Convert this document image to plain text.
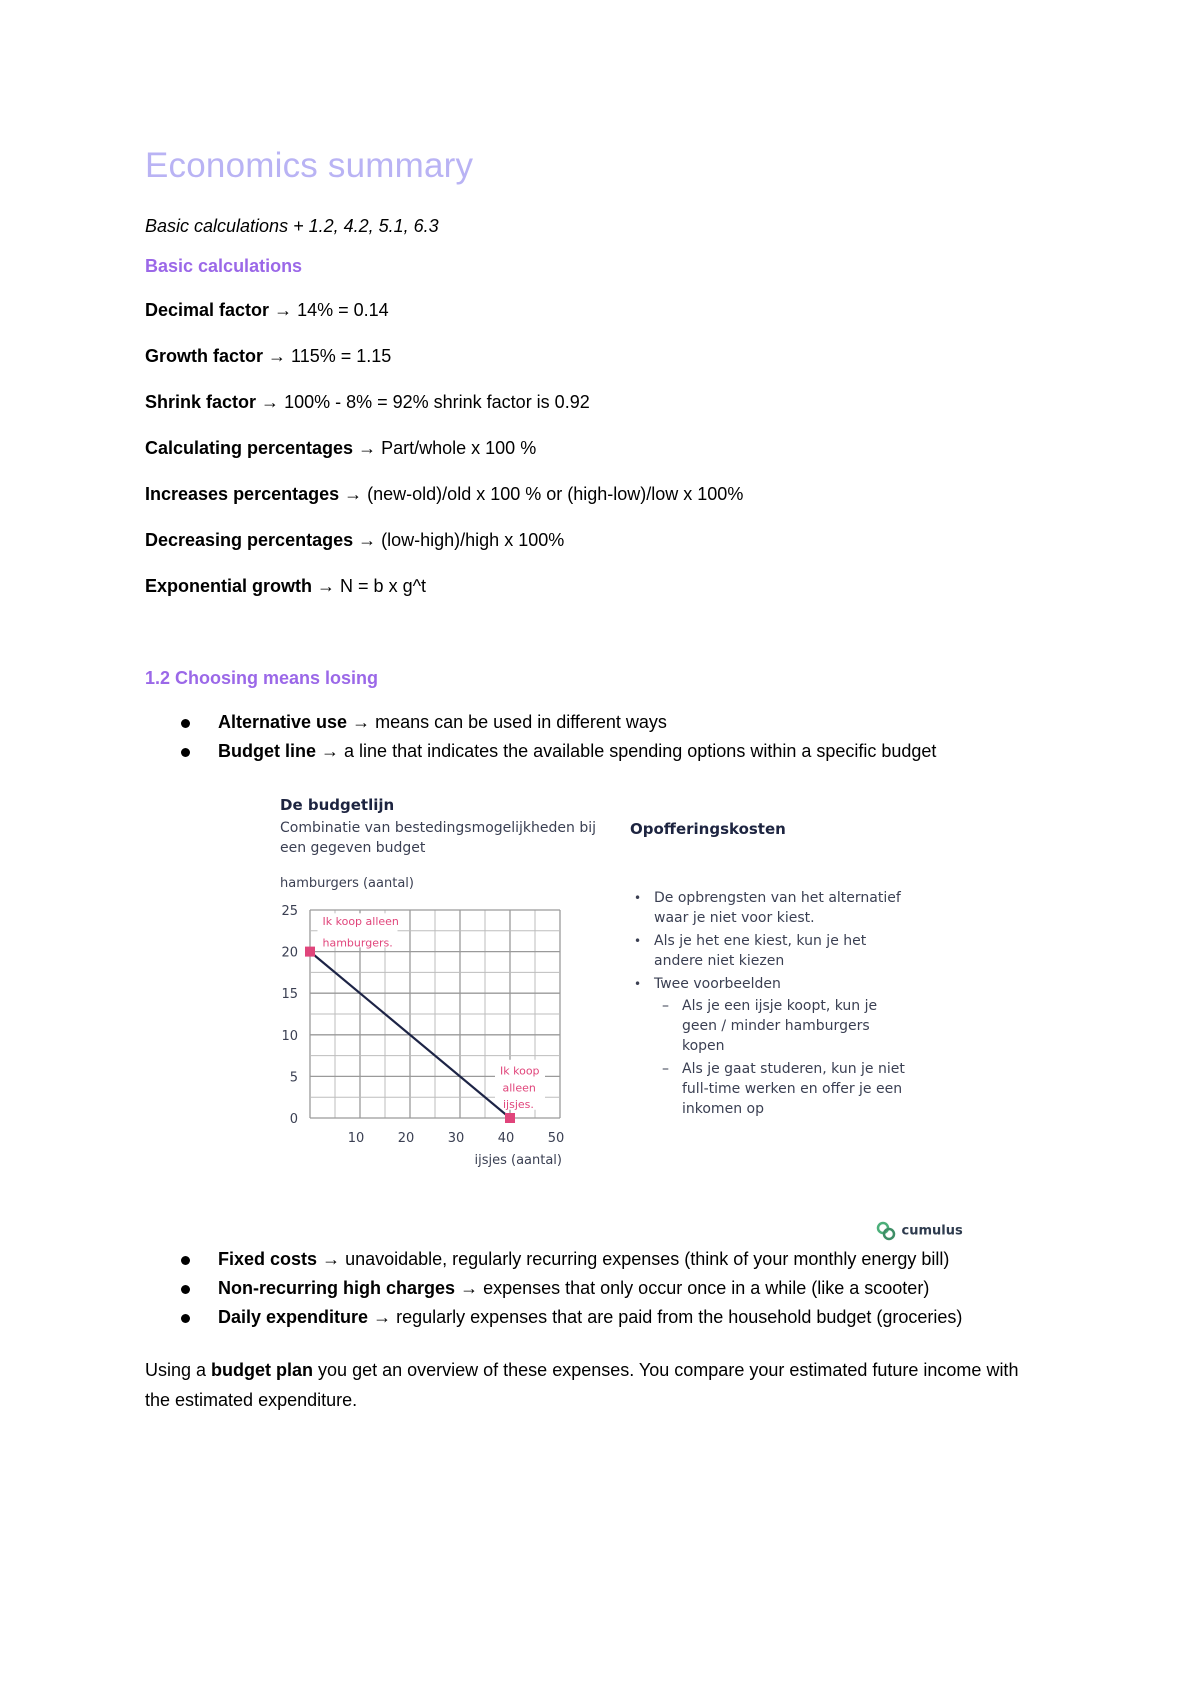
Economics summary
Basic calculations + 1.2, 4.2, 5.1, 6.3
Basic calculations
Decimal factor → 14% = 0.14
Growth factor → 115% = 1.15
Shrink factor → 100% - 8% = 92% shrink factor is 0.92
Calculating percentages → Part/whole x 100 %
Increases percentages → (new-old)/old x 100 % or (high-low)/low x 100%
Decreasing percentages → (low-high)/high x 100%
Exponential growth → N = b x g^t
1.2 Choosing means losing
Alternative use → means can be used in different ways
Budget line → a line that indicates the available spending options within a specific budget
Fixed costs → unavoidable, regularly recurring expenses (think of your monthly energy bill)
Non-recurring high charges → expenses that only occur once in a while (like a scooter)
Daily expenditure → regularly expenses that are paid from the household budget (groceries)
Using a budget plan you get an overview of these expenses. You compare your estimated future income with the estimated expenditure.
De budgetlijn
Combinatie van bestedingsmogelijkheden bij een gegeven budget
hamburgers (aantal)
0
5
10
15
20
25
10	20	30	40	50
ijsjes (aantal)
Ik koop alleen
hamburgers.
Ik koop
alleen
ijsjes.
Opofferingskosten
• De opbrengsten van het alternatief waar je niet voor kiest.
• Als je het ene kiest, kun je het andere niet kiezen
• Twee voorbeelden
– Als je een ijsje koopt, kun je geen / minder hamburgers kopen
– Als je gaat studeren, kun je niet full-time werken en offer je een inkomen op
cumulus
